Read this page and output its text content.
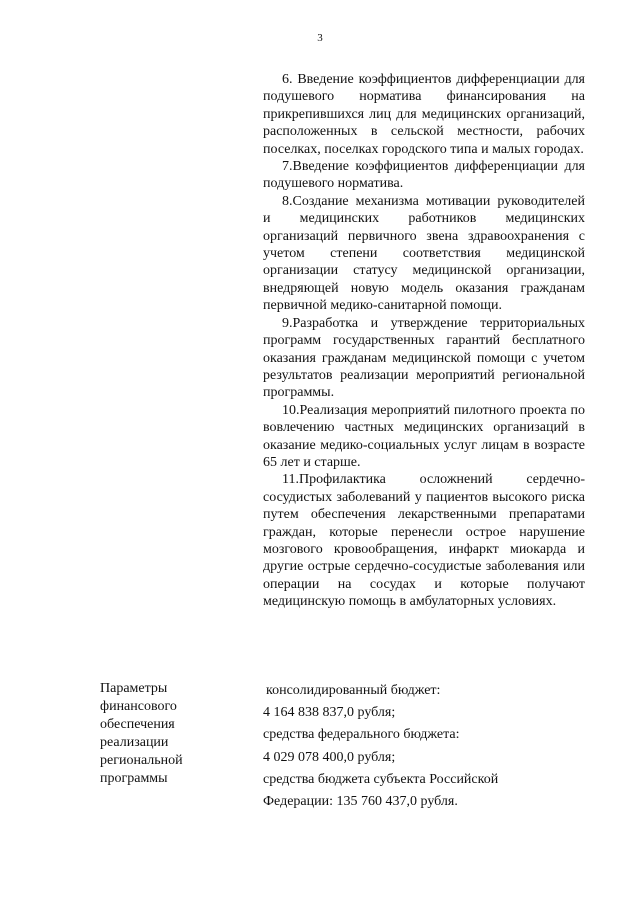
3

6. Введение коэффициентов дифференциации для подушевого норматива финансирования на прикрепившихся лиц для медицинских организаций, расположенных в сельской местности, рабочих поселках, поселках городского типа и малых городах.

7.Введение коэффициентов дифференциации для подушевого норматива.

8.Создание механизма мотивации руководителей и медицинских работников медицинских организаций первичного звена здравоохранения с учетом степени соответствия медицинской организации статусу медицинской организации, внедряющей новую модель оказания гражданам первичной медико-санитарной помощи.

9.Разработка и утверждение территориальных программ государственных гарантий бесплатного оказания гражданам медицинской помощи с учетом результатов реализации мероприятий региональной программы.

10.Реализация мероприятий пилотного проекта по вовлечению частных медицинских организаций в оказание медико-социальных услуг лицам в возрасте 65 лет и старше.

11.Профилактика осложнений сердечно-сосудистых заболеваний у пациентов высокого риска путем обеспечения лекарственными препаратами граждан, которые перенесли острое нарушение мозгового кровообращения, инфаркт миокарда и другие острые сердечно-сосудистые заболевания или операции на сосудах и которые получают медицинскую помощь в амбулаторных условиях.

Параметры финансового обеспечения реализации региональной программы
консолидированный бюджет:
4 164 838 837,0 рубля;
средства федерального бюджета:
4 029 078 400,0 рубля;
средства бюджета субъекта Российской
Федерации: 135 760 437,0 рубля.
